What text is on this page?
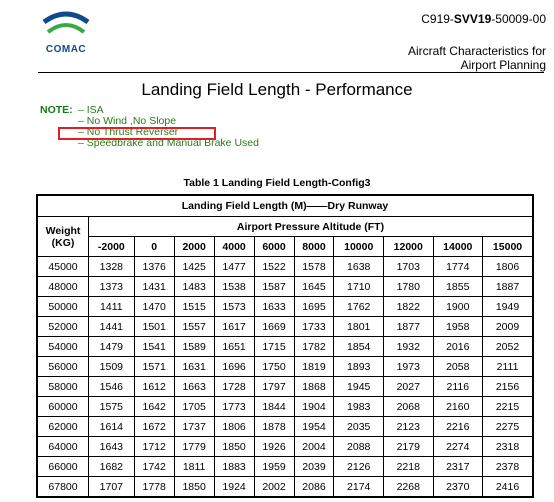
COMAC
C919-SVV19-50009-00
Aircraft Characteristics for
Airport Planning
Landing Field Length - Performance
NOTE: – ISA
– No Wind ,No Slope
– No Thrust Reverser
– Speedbrake and Manual Brake Used
Table 1 Landing Field Length-Config3
Landing Field Length (M)——Dry Runway										
Weight
(KG)	Airport Pressure Altitude (FT)									
	-2000	0	2000	4000	6000	8000	10000	12000	14000	15000
45000	1328	1376	1425	1477	1522	1578	1638	1703	1774	1806
48000	1373	1431	1483	1538	1587	1645	1710	1780	1855	1887
50000	1411	1470	1515	1573	1633	1695	1762	1822	1900	1949
52000	1441	1501	1557	1617	1669	1733	1801	1877	1958	2009
54000	1479	1541	1589	1651	1715	1782	1854	1932	2016	2052
56000	1509	1571	1631	1696	1750	1819	1893	1973	2058	2111
58000	1546	1612	1663	1728	1797	1868	1945	2027	2116	2156
60000	1575	1642	1705	1773	1844	1904	1983	2068	2160	2215
62000	1614	1672	1737	1806	1878	1954	2035	2123	2216	2275
64000	1643	1712	1779	1850	1926	2004	2088	2179	2274	2318
66000	1682	1742	1811	1883	1959	2039	2126	2218	2317	2378
67800	1707	1778	1850	1924	2002	2086	2174	2268	2370	2416
